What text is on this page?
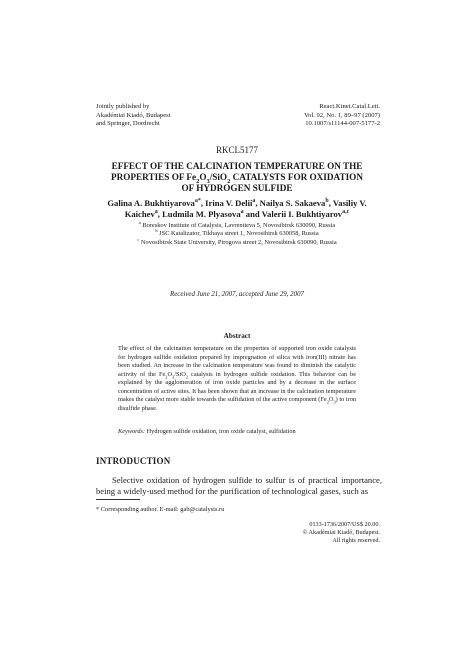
Jointly published by
Akadémiai Kiadó, Budapest
and Springer, Dordrecht
React.Kinet.Catal.Lett.
Vol. 92, No. 1, 89–97 (2007)
10.1007/s11144-007-5177-2
RKCL5177
EFFECT OF THE CALCINATION TEMPERATURE ON THE
PROPERTIES OF $Fe_2O_3/SiO_2$ CATALYSTS FOR OXIDATION
OF HYDROGEN SULFIDE
Galina A. Bukhtiyarova$^{a*}$, Irina V. Delii$^a$, Nailya S. Sakaeva$^b$, Vasiliy V. Kaichev$^a$, Ludmila M. Plyasova$^a$ and Valerii I. Bukhtiyarov$^{a,c}$
$^a$ Boreskov Institute of Catalysis, Lavrentieva 5, Novosibirsk 630090, Russia
$^b$ JSC Katalizator, Tikhaya street 1, Novosibirsk 630058, Russia
$^c$ Novosibirsk State University, Pirogova street 2, Novosibirsk 630090, Russia
Received June 21, 2007, accepted June 29, 2007
Abstract
The effect of the calcination temperature on the properties of supported iron oxide catalysts for hydrogen sulfide oxidation prepared by impregnation of silica with iron(III) nitrate has been studied. An increase in the calcination temperature was found to diminish the catalytic activity of the $Fe_2O_3/SiO_2$ catalysts in hydrogen sulfide oxidation. This behavior can be explained by the agglomeration of iron oxide particles and by a decrease in the surface concentration of active sites. It has been shown that an increase in the calcination temperature makes the catalyst more stable towards the sulfidation of the active component $(Fe_2O_3)$ to iron disulfide phase.
Keywords: Hydrogen sulfide oxidation, iron oxide catalyst, sulfidation
INTRODUCTION
Selective oxidation of hydrogen sulfide to sulfur is of practical importance, being a widely-used method for the purification of technological gases, such as
* Corresponding author. E-mail: gab@catalysis.ru
0133-1736/2007/US$ 20.00.
© Akadémiai Kiadó, Budapest.
All rights reserved.
